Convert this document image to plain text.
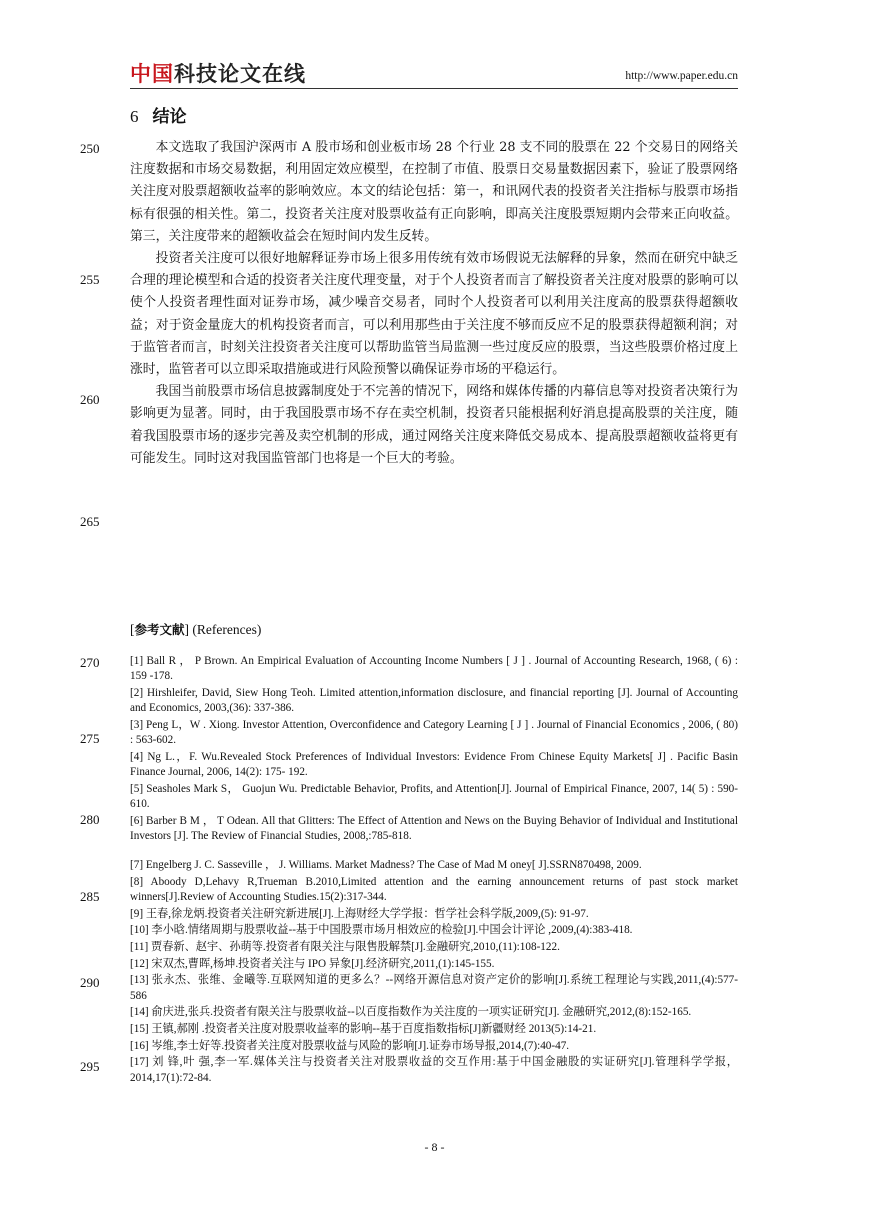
中国科技论文在线	http://www.paper.edu.cn
6 结论
250
255
260
265
270
275
280
285
290
295

本文选取了我国沪深两市 A 股市场和创业板市场 28 个行业 28 支不同的股票在 22 个交易日的网络关注度数据和市场交易数据，利用固定效应模型，在控制了市值、股票日交易量数据因素下，验证了股票网络关注度对股票超额收益率的影响效应。本文的结论包括：第一，和讯网代表的投资者关注指标与股票市场指标有很强的相关性。第二，投资者关注度对股票收益有正向影响，即高关注度股票短期内会带来正向收益。第三，关注度带来的超额收益会在短时间内发生反转。

投资者关注度可以很好地解释证券市场上很多用传统有效市场假说无法解释的异象，然而在研究中缺乏合理的理论模型和合适的投资者关注度代理变量，对于个人投资者而言了解投资者关注度对股票的影响可以使个人投资者理性面对证券市场，减少噪音交易者，同时个人投资者可以利用关注度高的股票获得超额收益；对于资金量庞大的机构投资者而言，可以利用那些由于关注度不够而反应不足的股票获得超额利润；对于监管者而言，时刻关注投资者关注度可以帮助监管当局监测一些过度反应的股票，当这些股票价格过度上涨时，监管者可以立即采取措施或进行风险预警以确保证券市场的平稳运行。

我国当前股票市场信息披露制度处于不完善的情况下，网络和媒体传播的内幕信息等对投资者决策行为影响更为显著。同时，由于我国股票市场不存在卖空机制，投资者只能根据利好消息提高股票的关注度，随着我国股票市场的逐步完善及卖空机制的形成，通过网络关注度来降低交易成本、提高股票超额收益将更有可能发生。同时这对我国监管部门也将是一个巨大的考验。

[参考文献] (References)

[1] Ball R ， P Brown. An Empirical Evaluation of Accounting Income Numbers [ J ] . Journal of Accounting Research, 1968, ( 6) : 159 -178.

[2] Hirshleifer, David, Siew Hong Teoh. Limited attention,information disclosure, and financial reporting [J]. Journal of Accounting and Economics, 2003,(36): 337-386.

[3] Peng L，W . Xiong. Investor Attention, Overconfidence and Category Learning [ J ] . Journal of Financial Economics , 2006, ( 80) : 563-602.

[4] Ng L.，F. Wu.Revealed Stock Preferences of Individual Investors: Evidence From Chinese Equity Markets[ J] . Pacific Basin Finance Journal, 2006, 14(2): 175- 192.

[5] Seasholes Mark S， Guojun Wu. Predictable Behavior, Profits, and Attention[J]. Journal of Empirical Finance, 2007, 14( 5) : 590- 610.

[6] Barber B M ， T Odean. All that Glitters: The Effect of Attention and News on the Buying Behavior of Individual and Institutional Investors [J]. The Review of Financial Studies, 2008,:785-818.

[7] Engelberg J. C. Sasseville ， J. Williams. Market Madness? The Case of Mad M oney[ J].SSRN870498, 2009.

[8] Aboody D,Lehavy R,Trueman B.2010,Limited attention and the earning announcement returns of past stock market winners[J].Review of Accounting Studies.15(2):317-344.

[9] 王春,徐龙炳.投资者关注研究新进展[J].上海财经大学学报：哲学社会科学版,2009,(5): 91-97.

[10] 李小晗.情绪周期与股票收益--基于中国股票市场月相效应的检验[J].中国会计评论 ,2009,(4):383-418.

[11] 贾春新、赵宇、孙萌等.投资者有限关注与限售股解禁[J].金融研究,2010,(11):108-122.

[12] 宋双杰,曹晖,杨坤.投资者关注与 IPO 异象[J].经济研究,2011,(1):145-155.

[13] 张永杰、张维、金曦等.互联网知道的更多么？--网络开源信息对资产定价的影响[J].系统工程理论与实践,2011,(4):577-586

[14] 俞庆进,张兵.投资者有限关注与股票收益--以百度指数作为关注度的一项实证研究[J]. 金融研究,2012,(8):152-165.

[15] 王镇,郝刚 .投资者关注度对股票收益率的影响--基于百度指数指标[J]新疆财经 2013(5):14-21.

[16] 岑维,李士好等.投资者关注度对股票收益与风险的影响[J].证券市场导报,2014,(7):40-47.

[17] 刘 锋,叶 强,李一军.媒体关注与投资者关注对股票收益的交互作用:基于中国金融股的实证研究[J].管理科学学报，2014,17(1):72-84.

- 8 -
